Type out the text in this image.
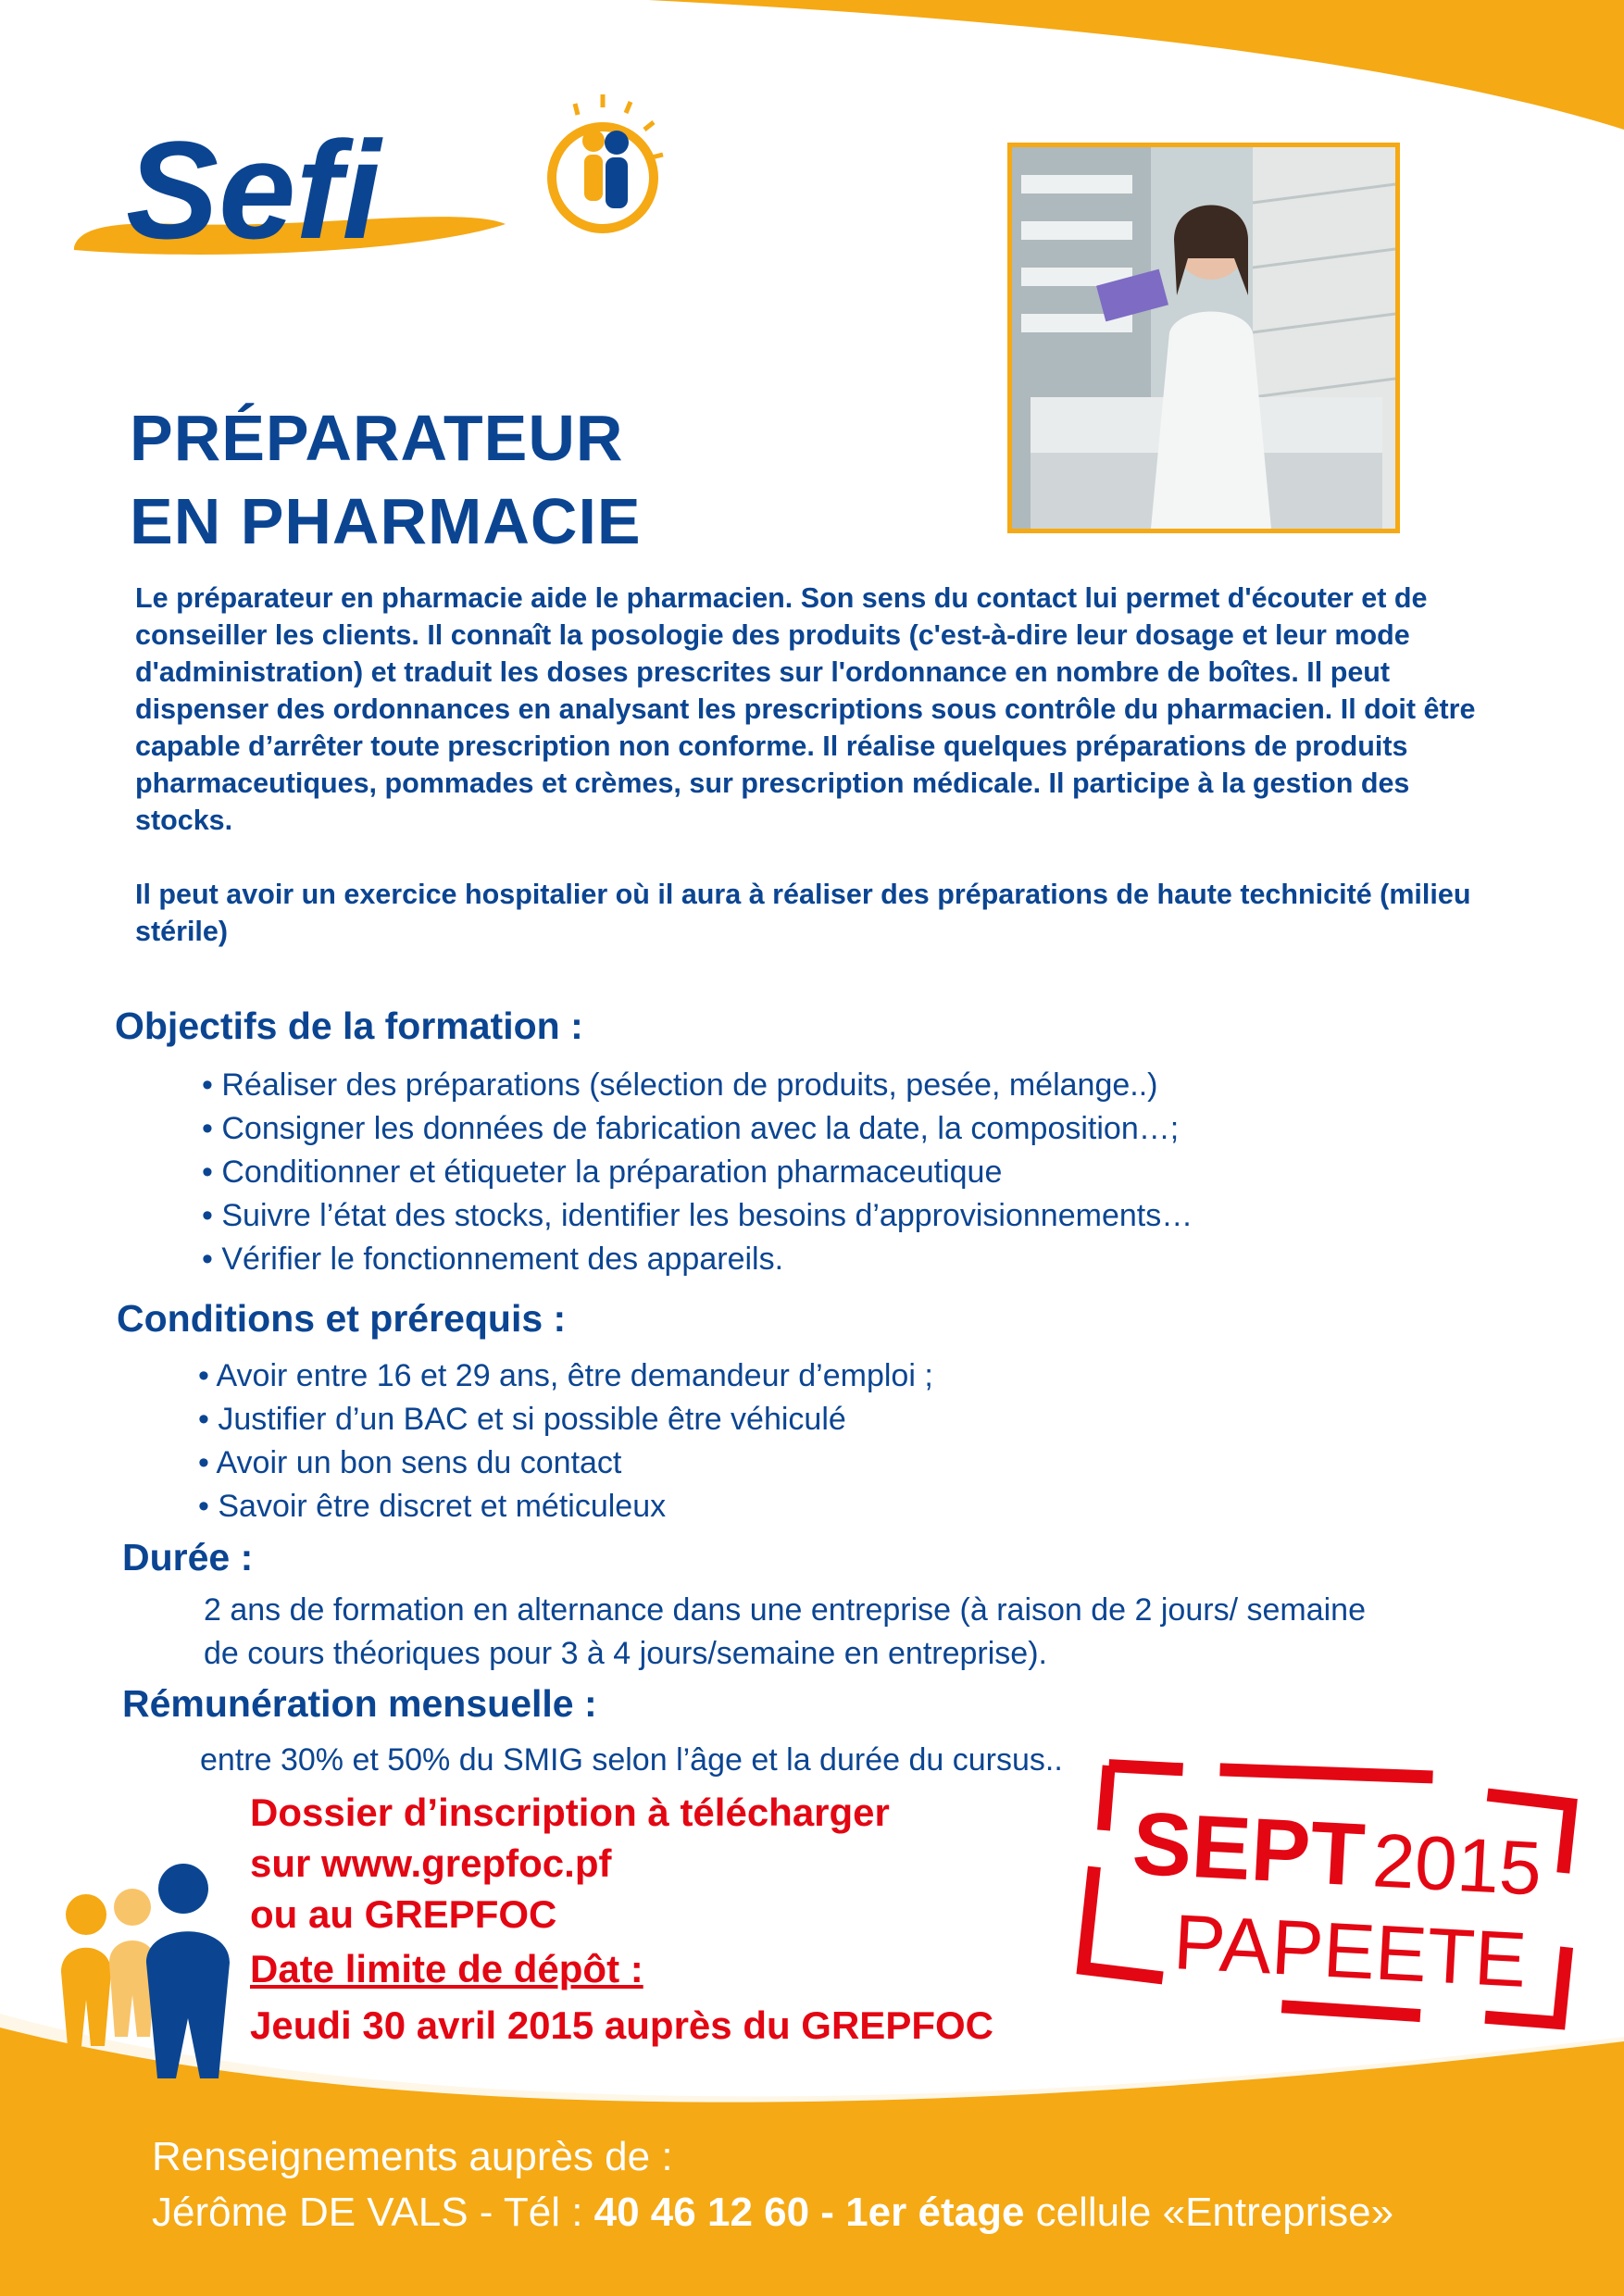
Sefi
PRÉPARATEUR
EN PHARMACIE

Le préparateur en pharmacie aide le pharmacien. Son sens du contact lui permet d'écouter et de conseiller les clients. Il connaît la posologie des produits (c'est-à-dire leur dosage et leur mode d'administration) et traduit les doses prescrites sur l'ordonnance en nombre de boîtes. Il peut dispenser des ordonnances en analysant les prescriptions sous contrôle du pharmacien. Il doit être capable d’arrêter toute prescription non conforme. Il réalise quelques préparations de produits pharmaceutiques, pommades et crèmes, sur prescription médicale. Il participe à la gestion des stocks.

Il peut avoir un exercice hospitalier où il aura à réaliser des préparations de haute technicité (milieu stérile)

Objectifs de la formation :
• Réaliser des préparations (sélection de produits, pesée, mélange..)
• Consigner les données de fabrication avec la date, la composition…;
• Conditionner et étiqueter la préparation pharmaceutique
• Suivre l’état des stocks, identifier les besoins d’approvisionnements…
• Vérifier le fonctionnement des appareils.
Conditions et prérequis :
• Avoir entre 16 et 29 ans, être demandeur d’emploi ;
• Justifier d’un BAC et si possible être véhiculé
• Avoir un bon sens du contact
• Savoir être discret et méticuleux
Durée :
2 ans de formation en alternance dans une entreprise (à raison de 2 jours/ semaine
de cours théoriques pour 3 à 4 jours/semaine en entreprise).
Rémunération mensuelle :
entre 30% et 50% du SMIG selon l’âge et la durée du cursus..
Dossier d’inscription à télécharger
sur www.grepfoc.pf
ou au GREPFOC
Date limite de dépôt :
Jeudi 30 avril 2015 auprès du GREPFOC
SEPT 2015
PAPEETE
Renseignements auprès de :
Jérôme DE VALS - Tél : 40 46 12 60 - 1er étage cellule «Entreprise»
